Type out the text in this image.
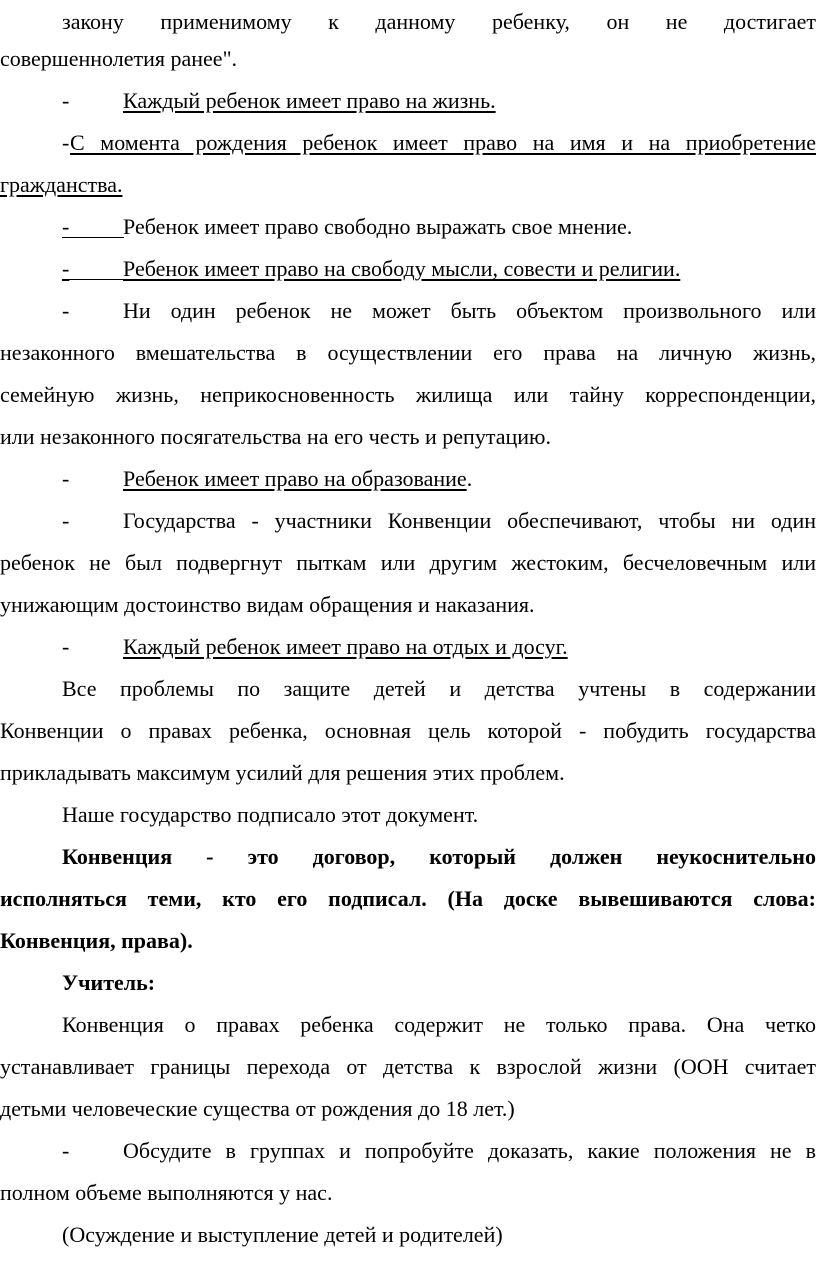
закону применимому к данному ребенку, он не достигает
совершеннолетия ранее".
- Каждый ребенок имеет право на жизнь.
- С момента рождения ребенок имеет право на имя и на приобретение
гражданства.
- Ребенок имеет право свободно выражать свое мнение.
- Ребенок имеет право на свободу мысли, совести и религии.
- Ни один ребенок не может быть объектом произвольного или
незаконного вмешательства в осуществлении его права на личную жизнь,
семейную жизнь, неприкосновенность жилища или тайну корреспонденции,
или незаконного посягательства на его честь и репутацию.
- Ребенок имеет право на образование.
- Государства - участники Конвенции обеспечивают, чтобы ни один
ребенок не был подвергнут пыткам или другим жестоким, бесчеловечным или
унижающим достоинство видам обращения и наказания.
- Каждый ребенок имеет право на отдых и досуг.
Все проблемы по защите детей и детства учтены в содержании
Конвенции о правах ребенка, основная цель которой - побудить государства
прикладывать максимум усилий для решения этих проблем.
Наше государство подписало этот документ.
Конвенция - это договор, который должен неукоснительно
исполняться теми, кто его подписал. (На доске вывешиваются слова:
Конвенция, права).
Учитель:
Конвенция о правах ребенка содержит не только права. Она четко
устанавливает границы перехода от детства к взрослой жизни (ООН считает
детьми человеческие существа от рождения до 18 лет.)
- Обсудите в группах и попробуйте доказать, какие положения не в
полном объеме выполняются у нас.
(Осуждение и выступление детей и родителей)
